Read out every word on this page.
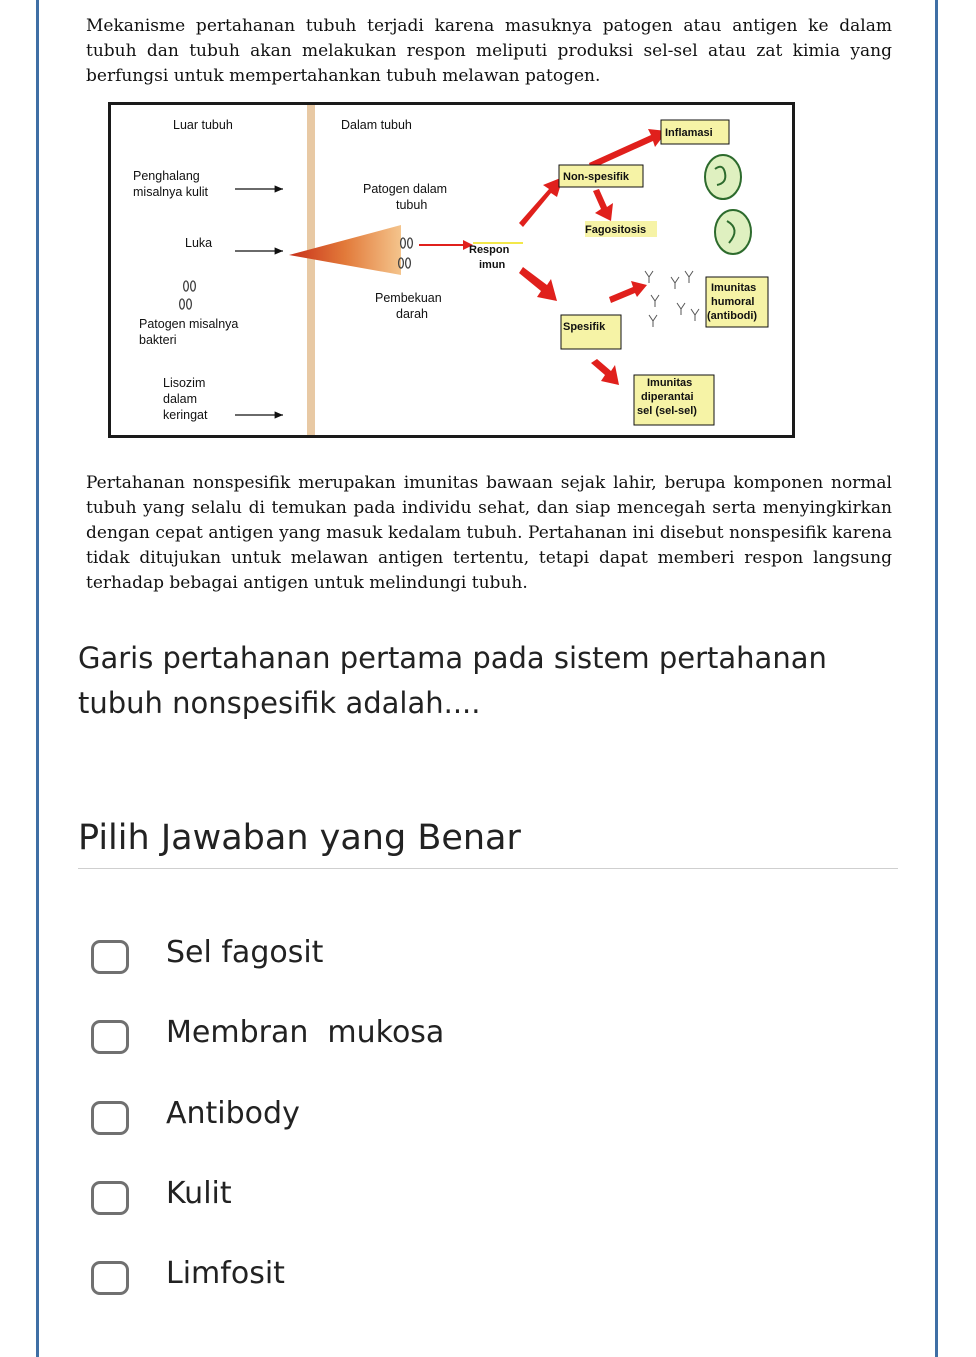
Mekanisme pertahanan tubuh terjadi karena masuknya patogen atau antigen ke dalam tubuh dan tubuh akan melakukan respon meliputi produksi sel-sel atau zat kimia yang berfungsi untuk mempertahankan tubuh melawan patogen.

Luar tubuh	Dalam tubuh
Penghalang
misalnya kulit
Luka
Patogen misalnya
bakteri
Lisozim
dalam
keringat
Patogen dalam
tubuh
Pembekuan
darah
Respon
imun
Non-spesifik
Inflamasi
Fagositosis
Spesifik
Imunitas
humoral
(antibodi)
Imunitas
diperantai
sel (sel-sel)

Pertahanan nonspesifik merupakan imunitas bawaan sejak lahir, berupa komponen normal tubuh yang selalu di temukan pada individu sehat, dan siap mencegah serta menyingkirkan dengan cepat antigen yang masuk kedalam tubuh. Pertahanan ini disebut nonspesifik karena tidak ditujukan untuk melawan antigen tertentu, tetapi dapat memberi respon langsung terhadap bebagai antigen untuk melindungi tubuh.

Garis pertahanan pertama pada sistem pertahanan tubuh nonspesifik adalah....
Pilih Jawaban yang Benar
Sel fagosit
Membran  mukosa
Antibody
Kulit
Limfosit
